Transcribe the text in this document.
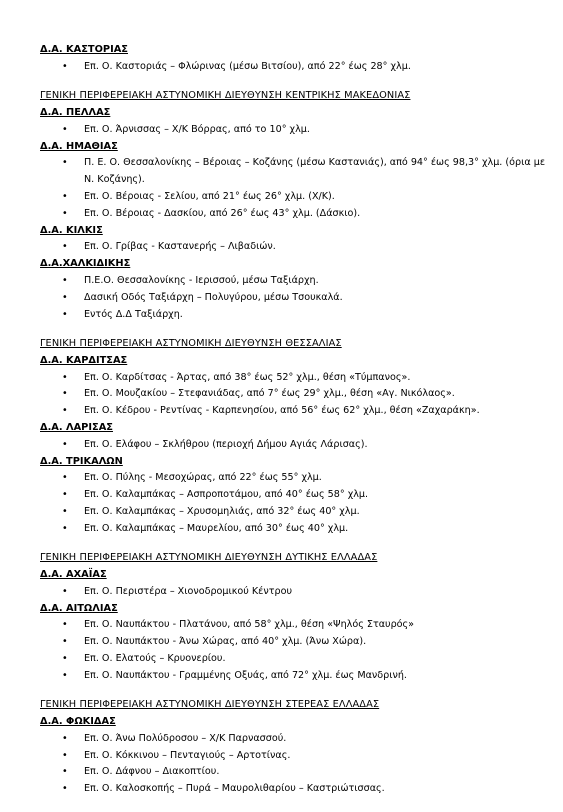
Δ.Α. ΚΑΣΤΟΡΙΑΣ
• Επ. Ο. Καστοριάς – Φλώρινας (μέσω Βιτσίου), από 22° έως 28° χλμ.
ΓΕΝΙΚΗ ΠΕΡΙΦΕΡΕΙΑΚΗ ΑΣΤΥΝΟΜΙΚΗ ΔΙΕΥΘΥΝΣΗ ΚΕΝΤΡΙΚΗΣ ΜΑΚΕΔΟΝΙΑΣ
Δ.Α. ΠΕΛΛΑΣ
• Επ. Ο. Άρνισσας – Χ/Κ Βόρρας, από το 10° χλμ.
Δ.Α. ΗΜΑΘΙΑΣ
• Π. Ε. Ο. Θεσσαλονίκης – Βέροιας – Κοζάνης (μέσω Καστανιάς), από 94° έως 98,3° χλμ. (όρια με
Ν. Κοζάνης).
• Επ. Ο. Βέροιας - Σελίου, από 21° έως 26° χλμ. (Χ/Κ).
• Επ. Ο. Βέροιας - Δασκίου, από 26° έως 43° χλμ. (Δάσκιο).
Δ.Α. ΚΙΛΚΙΣ
• Επ. Ο. Γρίβας - Καστανερής – Λιβαδιών.
Δ.Α.ΧΑΛΚΙΔΙΚΗΣ
• Π.Ε.Ο. Θεσσαλονίκης - Ιερισσού, μέσω Ταξιάρχη.
• Δασική Οδός Ταξιάρχη – Πολυγύρου, μέσω Τσουκαλά.
• Εντός Δ.Δ Ταξιάρχη.
ΓΕΝΙΚΗ ΠΕΡΙΦΕΡΕΙΑΚΗ ΑΣΤΥΝΟΜΙΚΗ ΔΙΕΥΘΥΝΣΗ ΘΕΣΣΑΛΙΑΣ
Δ.Α. ΚΑΡΔΙΤΣΑΣ
• Επ. Ο. Καρδίτσας - Άρτας, από 38° έως 52° χλμ., θέση «Τύμπανος».
• Επ. Ο. Μουζακίου – Στεφανιάδας, από 7° έως 29° χλμ., θέση «Αγ. Νικόλαος».
• Επ. Ο. Κέδρου - Ρεντίνας - Καρπενησίου, από 56° έως 62° χλμ., θέση «Ζαχαράκη».
Δ.Α. ΛΑΡΙΣΑΣ
• Επ. Ο. Ελάφου – Σκλήθρου (περιοχή Δήμου Αγιάς Λάρισας).
Δ.Α. ΤΡΙΚΑΛΩΝ
• Επ. Ο. Πύλης - Μεσοχώρας, από 22° έως 55° χλμ.
• Επ. Ο. Καλαμπάκας – Ασπροποτάμου, από 40° έως 58° χλμ.
• Επ. Ο. Καλαμπάκας – Χρυσομηλιάς, από 32° έως 40° χλμ.
• Επ. Ο. Καλαμπάκας – Μαυρελίου, από 30° έως 40° χλμ.
ΓΕΝΙΚΗ ΠΕΡΙΦΕΡΕΙΑΚΗ ΑΣΤΥΝΟΜΙΚΗ ΔΙΕΥΘΥΝΣΗ ΔΥΤΙΚΗΣ ΕΛΛΑΔΑΣ
Δ.Α. ΑΧΑΪΑΣ
• Επ. Ο. Περιστέρα – Χιονοδρομικού Κέντρου
Δ.Α. ΑΙΤΩΛΙΑΣ
• Επ. Ο. Ναυπάκτου - Πλατάνου, από 58° χλμ., θέση «Ψηλός Σταυρός»
• Επ. Ο. Ναυπάκτου - Άνω Χώρας, από 40° χλμ. (Άνω Χώρα).
• Επ. Ο. Ελατούς – Κρυονερίου.
• Επ. Ο. Ναυπάκτου - Γραμμένης Οξυάς, από 72° χλμ. έως Μανδρινή.
ΓΕΝΙΚΗ ΠΕΡΙΦΕΡΕΙΑΚΗ ΑΣΤΥΝΟΜΙΚΗ ΔΙΕΥΘΥΝΣΗ ΣΤΕΡΕΑΣ ΕΛΛΑΔΑΣ
Δ.Α. ΦΩΚΙΔΑΣ
• Επ. Ο. Άνω Πολύδροσου – Χ/Κ Παρνασσού.
• Επ. Ο. Κόκκινου – Πενταγιούς – Αρτοτίνας.
• Επ. Ο. Δάφνου – Διακοπτίου.
• Επ. Ο. Καλοσκοπής – Πυρά – Μαυρολιθαρίου – Καστριώτισσας.
